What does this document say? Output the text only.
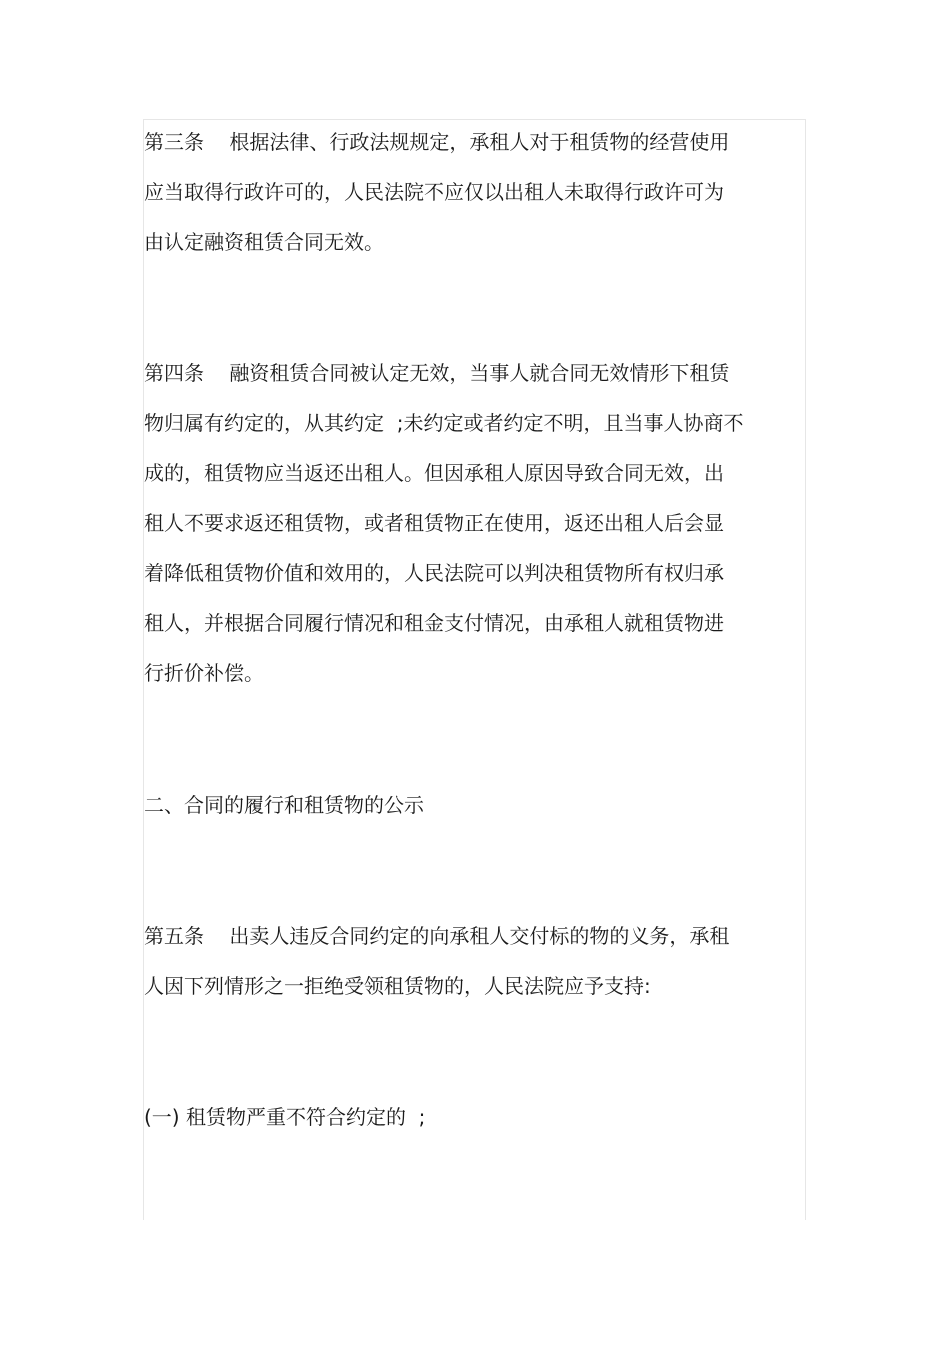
第三条    根据法律、行政法规规定，承租人对于租赁物的经营使用

应当取得行政许可的，人民法院不应仅以出租人未取得行政许可为

由认定融资租赁合同无效。

第四条    融资租赁合同被认定无效，当事人就合同无效情形下租赁

物归属有约定的，从其约定  ;未约定或者约定不明，且当事人协商不

成的，租赁物应当返还出租人。但因承租人原因导致合同无效，出

租人不要求返还租赁物，或者租赁物正在使用，返还出租人后会显

着降低租赁物价值和效用的，人民法院可以判决租赁物所有权归承

租人，并根据合同履行情况和租金支付情况，由承租人就租赁物进

行折价补偿。

二、合同的履行和租赁物的公示

第五条    出卖人违反合同约定的向承租人交付标的物的义务，承租

人因下列情形之一拒绝受领租赁物的，人民法院应予支持:

(一) 租赁物严重不符合约定的  ;
